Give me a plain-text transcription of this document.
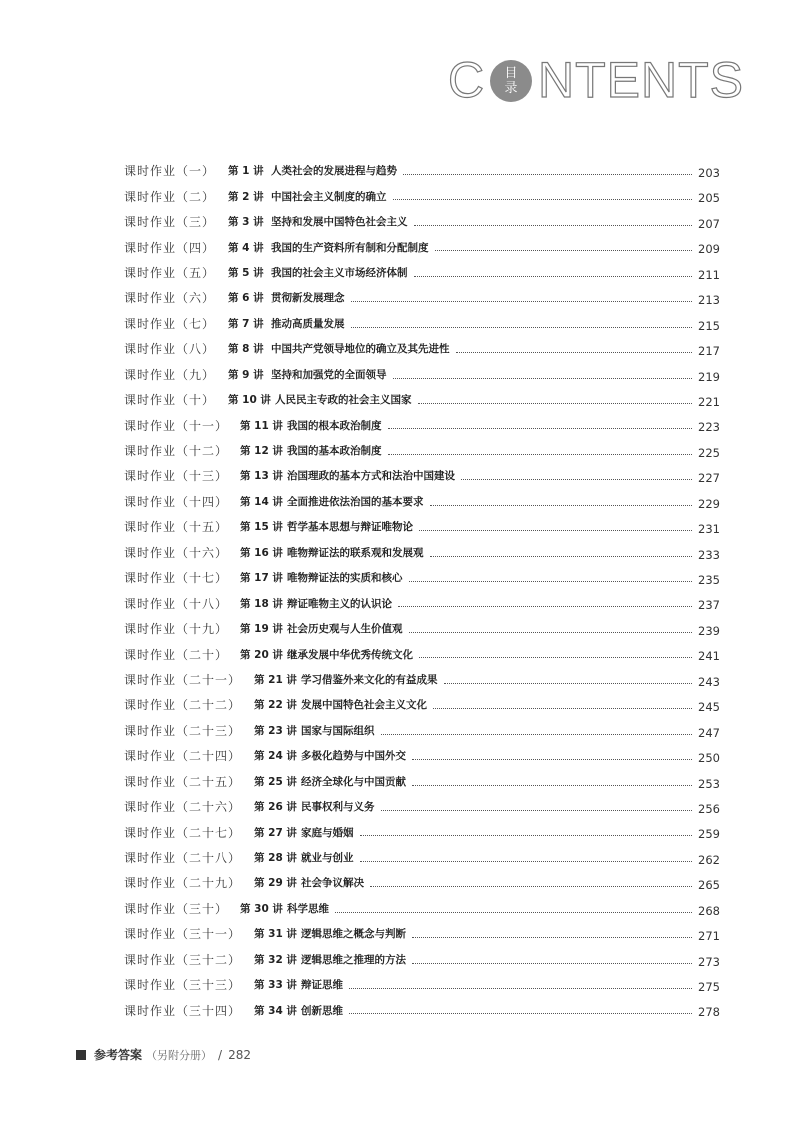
C 目
录 NTENTS
课时作业（一） 第 1 讲 人类社会的发展进程与趋势	203
课时作业（二） 第 2 讲 中国社会主义制度的确立	205
课时作业（三） 第 3 讲 坚持和发展中国特色社会主义	207
课时作业（四） 第 4 讲 我国的生产资料所有制和分配制度	209
课时作业（五） 第 5 讲 我国的社会主义市场经济体制	211
课时作业（六） 第 6 讲 贯彻新发展理念	213
课时作业（七） 第 7 讲 推动高质量发展	215
课时作业（八） 第 8 讲 中国共产党领导地位的确立及其先进性	217
课时作业（九） 第 9 讲 坚持和加强党的全面领导	219
课时作业（十） 第 10 讲 人民民主专政的社会主义国家	221
课时作业（十一） 第 11 讲 我国的根本政治制度	223
课时作业（十二） 第 12 讲 我国的基本政治制度	225
课时作业（十三） 第 13 讲 治国理政的基本方式和法治中国建设	227
课时作业（十四） 第 14 讲 全面推进依法治国的基本要求	229
课时作业（十五） 第 15 讲 哲学基本思想与辩证唯物论	231
课时作业（十六） 第 16 讲 唯物辩证法的联系观和发展观	233
课时作业（十七） 第 17 讲 唯物辩证法的实质和核心	235
课时作业（十八） 第 18 讲 辩证唯物主义的认识论	237
课时作业（十九） 第 19 讲 社会历史观与人生价值观	239
课时作业（二十） 第 20 讲 继承发展中华优秀传统文化	241
课时作业（二十一） 第 21 讲 学习借鉴外来文化的有益成果	243
课时作业（二十二） 第 22 讲 发展中国特色社会主义文化	245
课时作业（二十三） 第 23 讲 国家与国际组织	247
课时作业（二十四） 第 24 讲 多极化趋势与中国外交	250
课时作业（二十五） 第 25 讲 经济全球化与中国贡献	253
课时作业（二十六） 第 26 讲 民事权利与义务	256
课时作业（二十七） 第 27 讲 家庭与婚姻	259
课时作业（二十八） 第 28 讲 就业与创业	262
课时作业（二十九） 第 29 讲 社会争议解决	265
课时作业（三十） 第 30 讲 科学思维	268
课时作业（三十一） 第 31 讲 逻辑思维之概念与判断	271
课时作业（三十二） 第 32 讲 逻辑思维之推理的方法	273
课时作业（三十三） 第 33 讲 辩证思维	275
课时作业（三十四） 第 34 讲 创新思维	278
参考答案 （另附分册） / 282
